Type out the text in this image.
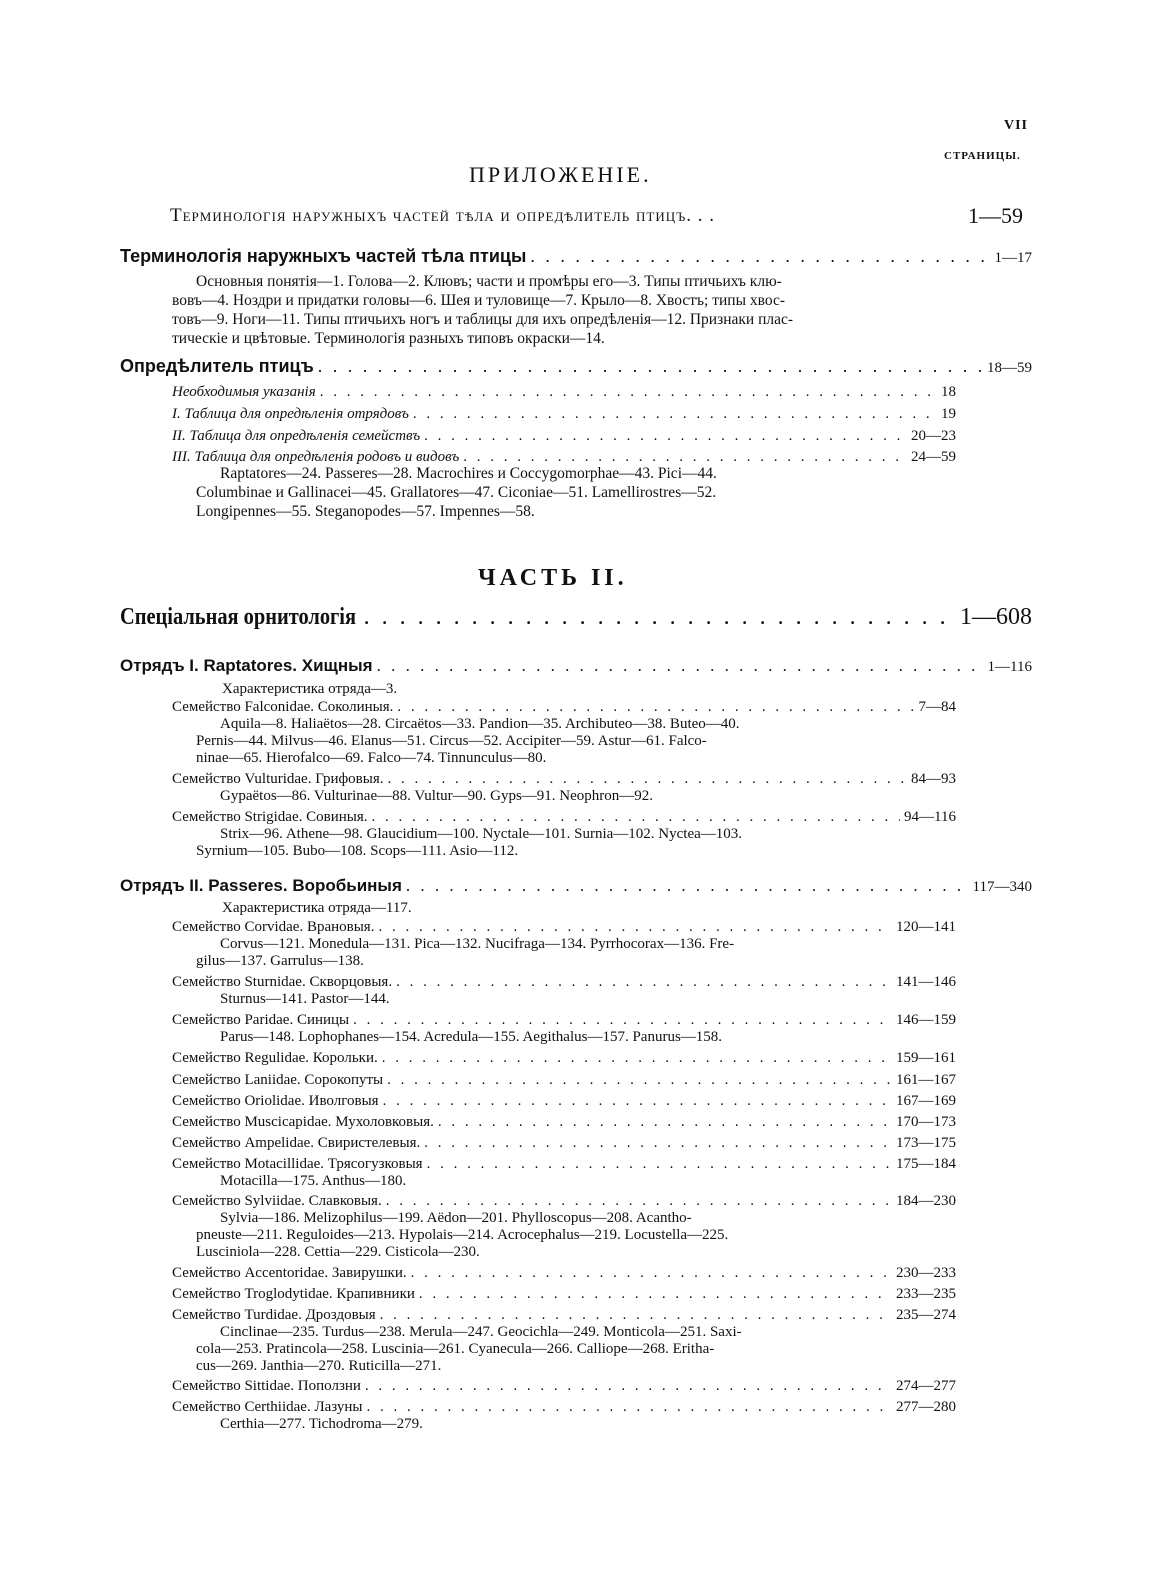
VII
СТРАНИЦЫ.
ПРИЛОЖЕНІЕ.
Терминологія наружныхъ частей тѣла и опредѣлитель птицъ. . .	1—59
Терминологія наружныхъ частей тѣла птицы . . .	1—17
Основныя понятія—1. Голова—2. Клювъ; части и промѣры его—3. Типы птичьихъ клю-
вовъ—4. Ноздри и придатки головы—6. Шея и туловище—7. Крыло—8. Хвостъ; типы хвос-
товъ—9. Ноги—11. Типы птичьихъ ногъ и таблицы для ихъ опредѣленія—12. Признаки плас-
тическіе и цвѣтовые. Терминологія разныхъ типовъ окраски—14.
Опредѣлитель птицъ . . .	18—59
Необходимыя указанія . . .	18
I. Таблица для опредѣленія отрядовъ . . .	19
II. Таблица для опредѣленія семействъ . . .	20—23
III. Таблица для опредѣленія родовъ и видовъ . . .	24—59
Raptatores—24. Passeres—28. Macrochires и Coccygomorphae—43. Pici—44.
Columbinae и Gallinacei—45. Grallatores—47. Ciconiae—51. Lamellirostres—52.
Longipennes—55. Steganopodes—57. Impennes—58.
ЧАСТЬ II.
Спеціальная орнитологія . . .	1—608
Отрядъ I. Raptatores. Хищныя . . .	1—116
Характеристика отряда—3.
Семейство Falconidae. Соколиныя. . . .	7—84
Aquila—8. Haliaëtos—28. Circaëtos—33. Pandion—35. Archibuteo—38. Buteo—40.
Pernis—44. Milvus—46. Elanus—51. Circus—52. Accipiter—59. Astur—61. Falco-
ninae—65. Hierofalco—69. Falco—74. Tinnunculus—80.
Семейство Vulturidae. Грифовыя. . . .	84—93
Gypaëtos—86. Vulturinae—88. Vultur—90. Gyps—91. Neophron—92.
Семейство Strigidae. Совиныя. . . .	94—116
Strix—96. Athene—98. Glaucidium—100. Nyctale—101. Surnia—102. Nyctea—103.
Syrnium—105. Bubo—108. Scops—111. Asio—112.
Отрядъ II. Passeres. Воробьиныя . . .	117—340
Характеристика отряда—117.
Семейство Corvidae. Врановыя. . . .	120—141
Corvus—121. Monedula—131. Pica—132. Nucifraga—134. Pyrrhocorax—136. Fre-
gilus—137. Garrulus—138.
Семейство Sturnidae. Скворцовыя. . . .	141—146
Sturnus—141. Pastor—144.
Семейство Paridae. Синицы . . .	146—159
Parus—148. Lophophanes—154. Acredula—155. Aegithalus—157. Panurus—158.
Семейство Regulidae. Корольки. . . .	159—161
Семейство Laniidae. Сорокопуты . . .	161—167
Семейство Oriolidae. Иволговыя . . .	167—169
Семейство Muscicapidae. Мухоловковыя. . . .	170—173
Семейство Ampelidae. Свиристелевыя. . . .	173—175
Семейство Motacillidae. Трясогузковыя . . .	175—184
Motacilla—175. Anthus—180.
Семейство Sylviidae. Славковыя. . . .	184—230
Sylvia—186. Melizophilus—199. Aëdon—201. Phylloscopus—208. Acantho-
pneuste—211. Reguloides—213. Hypolais—214. Acrocephalus—219. Locustella—225.
Lusciniola—228. Cettia—229. Cisticola—230.
Семейство Accentoridae. Завирушки. . . .	230—233
Семейство Troglodytidae. Крапивники . . .	233—235
Семейство Turdidae. Дроздовыя . . .	235—274
Cinclinae—235. Turdus—238. Merula—247. Geocichla—249. Monticola—251. Saxi-
cola—253. Pratincola—258. Luscinia—261. Cyanecula—266. Calliope—268. Eritha-
cus—269. Janthia—270. Ruticilla—271.
Семейство Sittidae. Поползни . . .	274—277
Семейство Certhiidae. Лазуны . . .	277—280
Certhia—277. Tichodroma—279.
